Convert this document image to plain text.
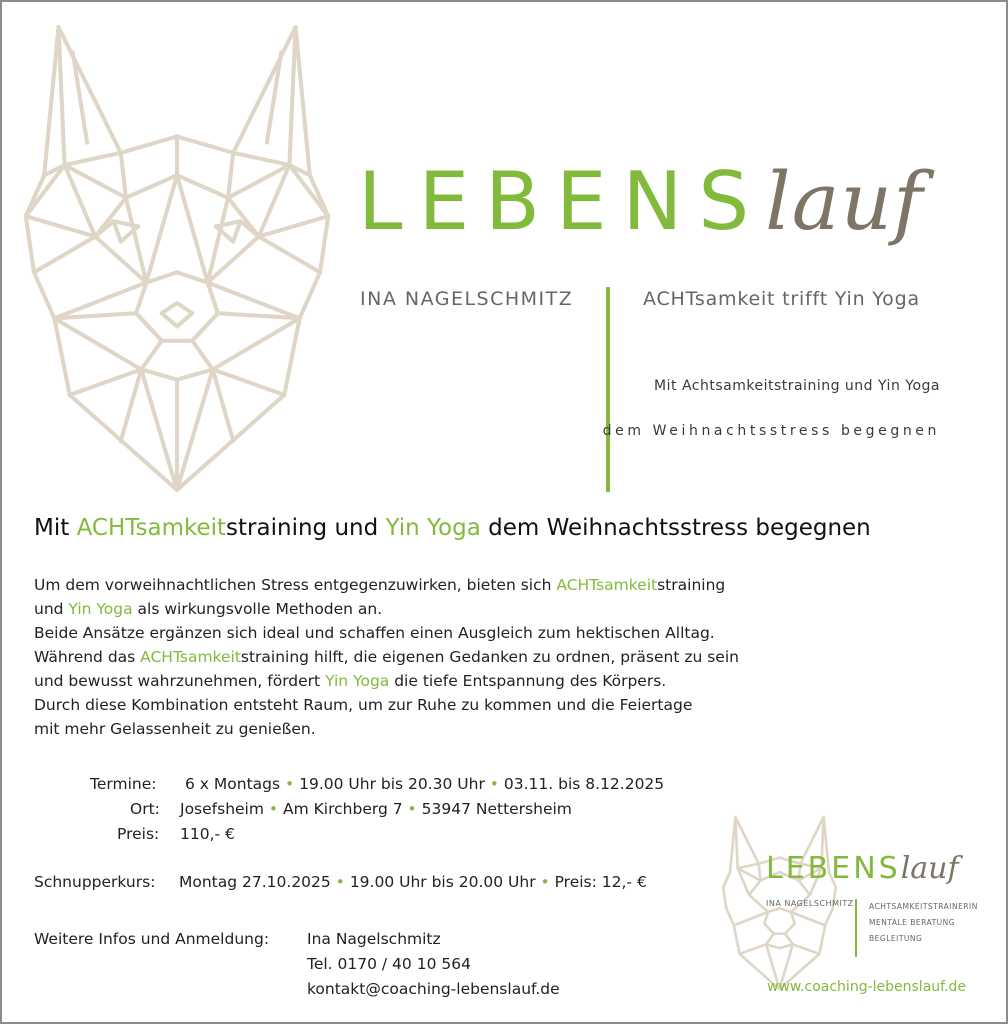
LEBENSlauf
INA NAGELSCHMITZ	ACHTsamkeit trifft Yin Yoga
Mit Achtsamkeitstraining und Yin Yoga
dem Weihnachtsstress begegnen
Mit ACHTsamkeitstraining und Yin Yoga dem Weihnachtsstress begegnen

Um dem vorweihnachtlichen Stress entgegenzuwirken, bieten sich ACHTsamkeitstraining

und Yin Yoga als wirkungsvolle Methoden an.

Beide Ansätze ergänzen sich ideal und schaffen einen Ausgleich zum hektischen Alltag.

Während das ACHTsamkeitstraining hilft, die eigenen Gedanken zu ordnen, präsent zu sein

und bewusst wahrzunehmen, fördert Yin Yoga die tiefe Entspannung des Körpers.

Durch diese Kombination entsteht Raum, um zur Ruhe zu kommen und die Feiertage

mit mehr Gelassenheit zu genießen.

Termine: 6 x Montags • 19.00 Uhr bis 20.30 Uhr • 03.11. bis 8.12.2025
Ort: Josefsheim • Am Kirchberg 7 • 53947 Nettersheim
Preis: 110,- €
Schnupperkurs: Montag 27.10.2025 • 19.00 Uhr bis 20.00 Uhr • Preis: 12,- €
Weitere Infos und Anmeldung: Ina Nagelschmitz
Tel. 0170 / 40 10 564
kontakt@coaching-lebenslauf.de
LEBENSlauf
INA NAGELSCHMITZ ACHTSAMKEITSTRAINERIN
MENTALE BERATUNG
BEGLEITUNG
www.coaching-lebenslauf.de
